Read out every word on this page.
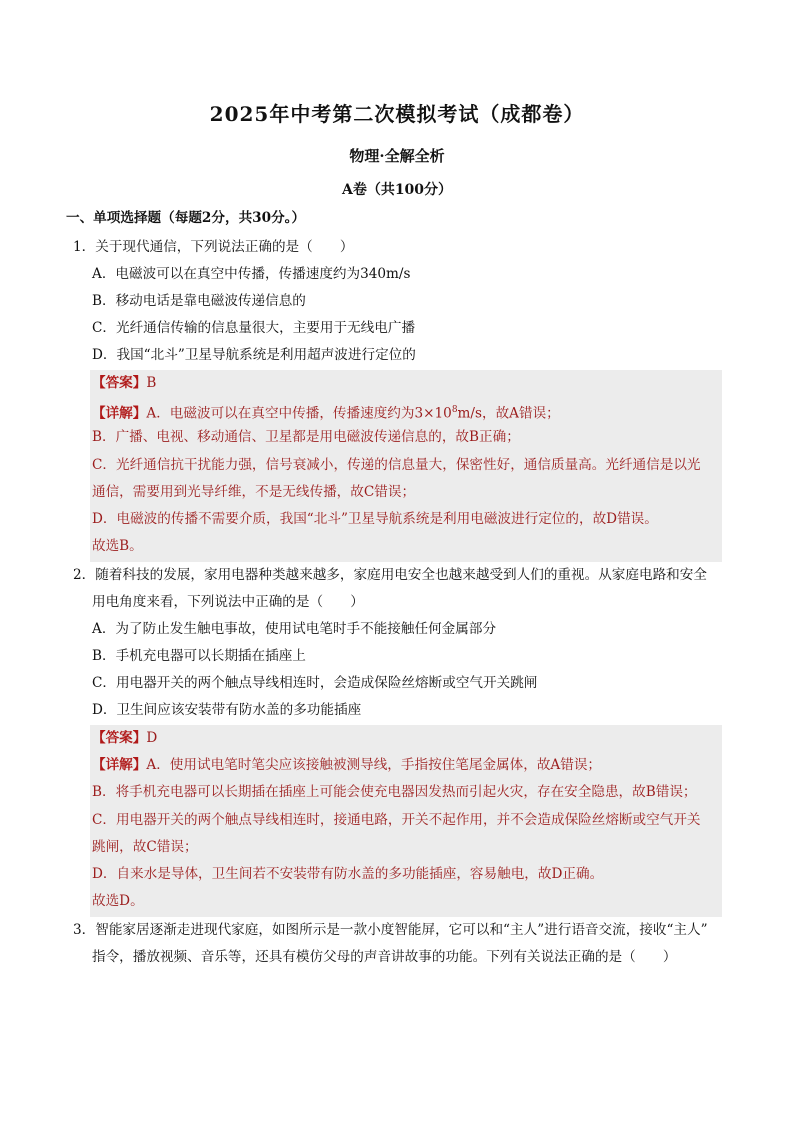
2025年中考第二次模拟考试（成都卷）
物理·全解全析
A卷（共100分）
一、单项选择题（每题2分，共30分。）
1．关于现代通信，下列说法正确的是（　　）
A．电磁波可以在真空中传播，传播速度约为340m/s
B．移动电话是靠电磁波传递信息的
C．光纤通信传输的信息量很大，主要用于无线电广播
D．我国“北斗”卫星导航系统是利用超声波进行定位的
【答案】B
【详解】A．电磁波可以在真空中传播，传播速度约为$3\times 10^8m/s$，故A错误；
B．广播、电视、移动通信、卫星都是用电磁波传递信息的，故B正确；
C．光纤通信抗干扰能力强，信号衰减小，传递的信息量大，保密性好，通信质量高。光纤通信是以光
通信，需要用到光导纤维，不是无线传播，故C错误；
D．电磁波的传播不需要介质，我国“北斗”卫星导航系统是利用电磁波进行定位的，故D错误。
故选B。
2．随着科技的发展，家用电器种类越来越多，家庭用电安全也越来越受到人们的重视。从家庭电路和安全
用电角度来看，下列说法中正确的是（　　）
A．为了防止发生触电事故，使用试电笔时手不能接触任何金属部分
B．手机充电器可以长期插在插座上
C．用电器开关的两个触点导线相连时，会造成保险丝熔断或空气开关跳闸
D．卫生间应该安装带有防水盖的多功能插座
【答案】D
【详解】A．使用试电笔时笔尖应该接触被测导线，手指按住笔尾金属体，故A错误；
B．将手机充电器可以长期插在插座上可能会使充电器因发热而引起火灾，存在安全隐患，故B错误；
C．用电器开关的两个触点导线相连时，接通电路，开关不起作用，并不会造成保险丝熔断或空气开关
跳闸，故C错误；
D．自来水是导体，卫生间若不安装带有防水盖的多功能插座，容易触电，故D正确。
故选D。
3．智能家居逐渐走进现代家庭，如图所示是一款小度智能屏，它可以和“主人”进行语音交流，接收“主人”
指令，播放视频、音乐等，还具有模仿父母的声音讲故事的功能。下列有关说法正确的是（　　）
